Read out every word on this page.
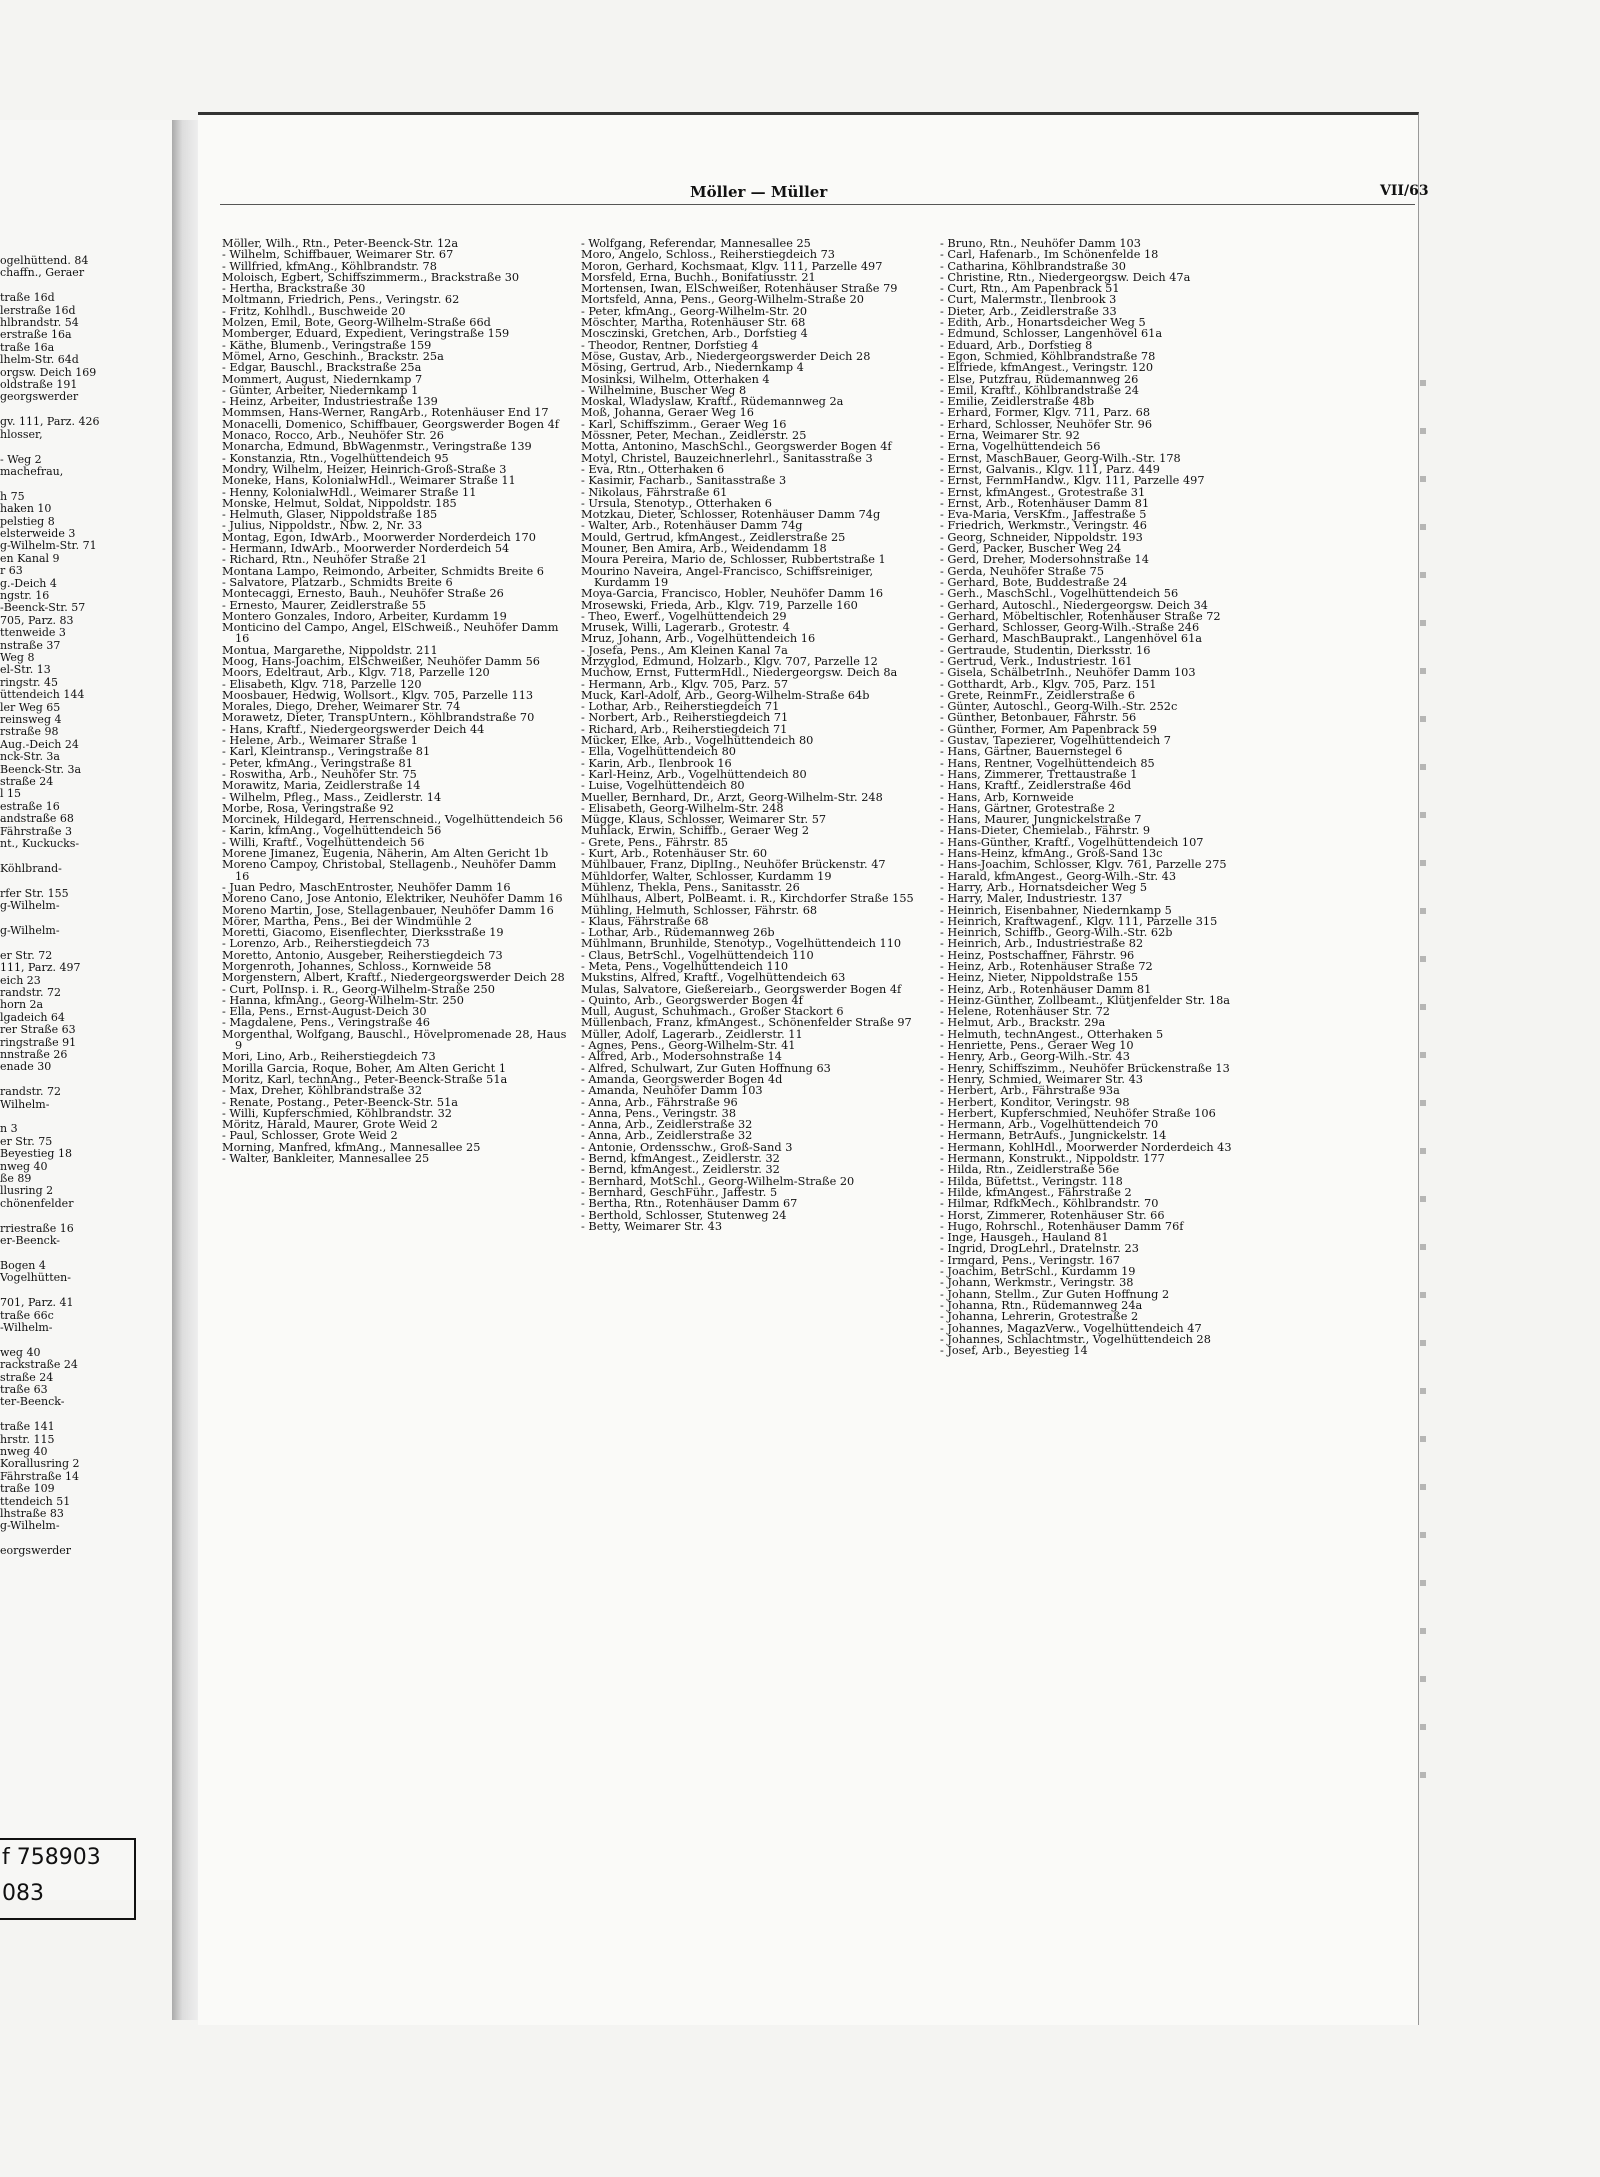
ogelhüttend. 84
chaffn., Geraer

traße 16d
lerstraße 16d
hlbrandstr. 54
erstraße 16a
traße 16a
lhelm-Str. 64d
orgsw. Deich 169
oldstraße 191
georgswerder

gv. 111, Parz. 426
hlosser,

- Weg 2
machefrau,

h 75
haken 10
pelstieg 8
elsterweide 3
g-Wilhelm-Str. 71
en Kanal 9
r 63
g.-Deich 4
ngstr. 16
-Beenck-Str. 57
705, Parz. 83
ttenweide 3
nstraße 37
Weg 8
el-Str. 13
ringstr. 45
üttendeich 144
ler Weg 65
reinsweg 4
rstraße 98
Aug.-Deich 24
nck-Str. 3a
Beenck-Str. 3a
straße 24
l 15
estraße 16
andstraße 68
Fährstraße 3
nt., Kuckucks-

Köhlbrand-

rfer Str. 155
g-Wilhelm-

g-Wilhelm-

er Str. 72
111, Parz. 497
eich 23
randstr. 72
horn 2a
lgadeich 64
rer Straße 63
ringstraße 91
nnstraße 26
enade 30

randstr. 72
Wilhelm-

n 3
er Str. 75
Beyestieg 18
nweg 40
ße 89
llusring 2
chönenfelder

rriestraße 16
er-Beenck-

Bogen 4
Vogelhütten-

701, Parz. 41
traße 66c
-Wilhelm-

weg 40
rackstraße 24
straße 24
traße 63
ter-Beenck-

traße 141
hrstr. 115
nweg 40
Korallusring 2
Fährstraße 14
traße 109
ttendeich 51
lhstraße 83
g-Wilhelm-

eorgswerder
f 758903
083
Möller — Müller	VII/63
Möller, Wilh., Rtn., Peter-Beenck-Str. 12a
- Wilhelm, Schiffbauer, Weimarer Str. 67
- Willfried, kfmAng., Köhlbrandstr. 78
Moloisch, Egbert, Schiffszimmerm., Brackstraße 30
- Hertha, Brackstraße 30
Moltmann, Friedrich, Pens., Veringstr. 62
- Fritz, Kohlhdl., Buschweide 20
Molzen, Emil, Bote, Georg-Wilhelm-Straße 66d
Momberger, Eduard, Expedient, Veringstraße 159
- Käthe, Blumenb., Veringstraße 159
Mömel, Arno, Geschinh., Brackstr. 25a
- Edgar, Bauschl., Brackstraße 25a
Mommert, August, Niedernkamp 7
- Günter, Arbeiter, Niedernkamp 1
- Heinz, Arbeiter, Industriestraße 139
Mommsen, Hans-Werner, RangArb., Rotenhäuser End 17
Monacelli, Domenico, Schiffbauer, Georgswerder Bogen 4f
Monaco, Rocco, Arb., Neuhöfer Str. 26
Monarcha, Edmund, BbWagenmstr., Veringstraße 139
- Konstanzia, Rtn., Vogelhüttendeich 95
Mondry, Wilhelm, Heizer, Heinrich-Groß-Straße 3
Moneke, Hans, KolonialwHdl., Weimarer Straße 11
- Henny, KolonialwHdl., Weimarer Straße 11
Monske, Helmut, Soldat, Nippoldstr. 185
- Helmuth, Glaser, Nippoldstraße 185
- Julius, Nippoldstr., Nbw. 2, Nr. 33
Montag, Egon, IdwArb., Moorwerder Norderdeich 170
- Hermann, IdwArb., Moorwerder Norderdeich 54
- Richard, Rtn., Neuhöfer Straße 21
Montana Lampo, Reimondo, Arbeiter, Schmidts Breite 6
- Salvatore, Platzarb., Schmidts Breite 6
Montecaggi, Ernesto, Bauh., Neuhöfer Straße 26
- Ernesto, Maurer, Zeidlerstraße 55
Montero Gonzales, Indoro, Arbeiter, Kurdamm 19
Monticino del Campo, Angel, ElSchweiß., Neuhöfer Damm 16
Montua, Margarethe, Nippoldstr. 211
Moog, Hans-Joachim, ElSchweißer, Neuhöfer Damm 56
Moors, Edeltraut, Arb., Klgv. 718, Parzelle 120
- Elisabeth, Klgv. 718, Parzelle 120
Moosbauer, Hedwig, Wollsort., Klgv. 705, Parzelle 113
Morales, Diego, Dreher, Weimarer Str. 74
Morawetz, Dieter, TranspUntern., Köhlbrandstraße 70
- Hans, Kraftf., Niedergeorgswerder Deich 44
- Helene, Arb., Weimarer Straße 1
- Karl, Kleintransp., Veringstraße 81
- Peter, kfmAng., Veringstraße 81
- Roswitha, Arb., Neuhöfer Str. 75
Morawitz, Maria, Zeidlerstraße 14
- Wilhelm, Pfleg., Mass., Zeidlerstr. 14
Morbe, Rosa, Veringstraße 92
Morcinek, Hildegard, Herrenschneid., Vogelhüttendeich 56
- Karin, kfmAng., Vogelhüttendeich 56
- Willi, Kraftf., Vogelhüttendeich 56
Morene Jimanez, Eugenia, Näherin, Am Alten Gericht 1b
Moreno Campoy, Christobal, Stellagenb., Neuhöfer Damm 16
- Juan Pedro, MaschEntroster, Neuhöfer Damm 16
Moreno Cano, Jose Antonio, Elektriker, Neuhöfer Damm 16
Moreno Martin, Jose, Stellagenbauer, Neuhöfer Damm 16
Mörer, Martha, Pens., Bei der Windmühle 2
Moretti, Giacomo, Eisenflechter, Dierksstraße 19
- Lorenzo, Arb., Reiherstiegdeich 73
Moretto, Antonio, Ausgeber, Reiherstiegdeich 73
Morgenroth, Johannes, Schloss., Kornweide 58
Morgenstern, Albert, Kraftf., Niedergeorgswerder Deich 28
- Curt, PolInsp. i. R., Georg-Wilhelm-Straße 250
- Hanna, kfmAng., Georg-Wilhelm-Str. 250
- Ella, Pens., Ernst-August-Deich 30
- Magdalene, Pens., Veringstraße 46
Morgenthal, Wolfgang, Bauschl., Hövelpromenade 28, Haus 9
Mori, Lino, Arb., Reiherstiegdeich 73
Morilla Garcia, Roque, Boher, Am Alten Gericht 1
Moritz, Karl, technAng., Peter-Beenck-Straße 51a
- Max, Dreher, Köhlbrandstraße 32
- Renate, Postang., Peter-Beenck-Str. 51a
- Willi, Kupferschmied, Köhlbrandstr. 32
Möritz, Harald, Maurer, Grote Weid 2
- Paul, Schlosser, Grote Weid 2
Morning, Manfred, kfmAng., Mannesallee 25
- Walter, Bankleiter, Mannesallee 25
- Wolfgang, Referendar, Mannesallee 25
Moro, Angelo, Schloss., Reiherstiegdeich 73
Moron, Gerhard, Kochsmaat, Klgv. 111, Parzelle 497
Morsfeld, Erna, Buchh., Bonifatiusstr. 21
Mortensen, Iwan, ElSchweißer, Rotenhäuser Straße 79
Mortsfeld, Anna, Pens., Georg-Wilhelm-Straße 20
- Peter, kfmAng., Georg-Wilhelm-Str. 20
Möschter, Martha, Rotenhäuser Str. 68
Mosczinski, Gretchen, Arb., Dorfstieg 4
- Theodor, Rentner, Dorfstieg 4
Möse, Gustav, Arb., Niedergeorgswerder Deich 28
Mösing, Gertrud, Arb., Niedernkamp 4
Mosinksi, Wilhelm, Otterhaken 4
- Wilhelmine, Buscher Weg 8
Moskal, Wladyslaw, Kraftf., Rüdemannweg 2a
Moß, Johanna, Geraer Weg 16
- Karl, Schiffszimm., Geraer Weg 16
Mössner, Peter, Mechan., Zeidlerstr. 25
Motta, Antonino, MaschSchl., Georgswerder Bogen 4f
Motyl, Christel, Bauzeichnerlehrl., Sanitasstraße 3
- Eva, Rtn., Otterhaken 6
- Kasimir, Facharb., Sanitasstraße 3
- Nikolaus, Fährstraße 61
- Ursula, Stenotyp., Otterhaken 6
Motzkau, Dieter, Schlosser, Rotenhäuser Damm 74g
- Walter, Arb., Rotenhäuser Damm 74g
Mould, Gertrud, kfmAngest., Zeidlerstraße 25
Mouner, Ben Amira, Arb., Weidendamm 18
Moura Pereira, Mario de, Schlosser, Rubbertstraße 1
Mourino Naveira, Angel-Francisco, Schiffsreiniger, Kurdamm 19
Moya-Garcia, Francisco, Hobler, Neuhöfer Damm 16
Mrosewski, Frieda, Arb., Klgv. 719, Parzelle 160
- Theo, Ewerf., Vogelhüttendeich 29
Mrusek, Willi, Lagerarb., Grotestr. 4
Mruz, Johann, Arb., Vogelhüttendeich 16
- Josefa, Pens., Am Kleinen Kanal 7a
Mrzyglod, Edmund, Holzarb., Klgv. 707, Parzelle 12
Muchow, Ernst, FuttermHdl., Niedergeorgsw. Deich 8a
- Hermann, Arb., Klgv. 705, Parz. 57
Muck, Karl-Adolf, Arb., Georg-Wilhelm-Straße 64b
- Lothar, Arb., Reiherstiegdeich 71
- Norbert, Arb., Reiherstiegdeich 71
- Richard, Arb., Reiherstiegdeich 71
Mücker, Elke, Arb., Vogelhüttendeich 80
- Ella, Vogelhüttendeich 80
- Karin, Arb., Ilenbrook 16
- Karl-Heinz, Arb., Vogelhüttendeich 80
- Luise, Vogelhüttendeich 80
Mueller, Bernhard, Dr., Arzt, Georg-Wilhelm-Str. 248
- Elisabeth, Georg-Wilhelm-Str. 248
Mügge, Klaus, Schlosser, Weimarer Str. 57
Muhlack, Erwin, Schiffb., Geraer Weg 2
- Grete, Pens., Fährstr. 85
- Kurt, Arb., Rotenhäuser Str. 60
Mühlbauer, Franz, DiplIng., Neuhöfer Brückenstr. 47
Mühldorfer, Walter, Schlosser, Kurdamm 19
Mühlenz, Thekla, Pens., Sanitasstr. 26
Mühlhaus, Albert, PolBeamt. i. R., Kirchdorfer Straße 155
Mühling, Helmuth, Schlosser, Fährstr. 68
- Klaus, Fährstraße 68
- Lothar, Arb., Rüdemannweg 26b
Mühlmann, Brunhilde, Stenotyp., Vogelhüttendeich 110
- Claus, BetrSchl., Vogelhüttendeich 110
- Meta, Pens., Vogelhüttendeich 110
Mukstins, Alfred, Kraftf., Vogelhüttendeich 63
Mulas, Salvatore, Gießereiarb., Georgswerder Bogen 4f
- Quinto, Arb., Georgswerder Bogen 4f
Mull, August, Schuhmach., Großer Stackort 6
Müllenbach, Franz, kfmAngest., Schönenfelder Straße 97
Müller, Adolf, Lagerarb., Zeidlerstr. 11
- Agnes, Pens., Georg-Wilhelm-Str. 41
- Alfred, Arb., Modersohnstraße 14
- Alfred, Schulwart, Zur Guten Hoffnung 63
- Amanda, Georgswerder Bogen 4d
- Amanda, Neuhöfer Damm 103
- Anna, Arb., Fährstraße 96
- Anna, Pens., Veringstr. 38
- Anna, Arb., Zeidlerstraße 32
- Anna, Arb., Zeidlerstraße 32
- Antonie, Ordensschw., Groß-Sand 3
- Bernd, kfmAngest., Zeidlerstr. 32
- Bernd, kfmAngest., Zeidlerstr. 32
- Bernhard, MotSchl., Georg-Wilhelm-Straße 20
- Bernhard, GeschFühr., Jaffestr. 5
- Bertha, Rtn., Rotenhäuser Damm 67
- Berthold, Schlosser, Stutenweg 24
- Betty, Weimarer Str. 43
- Bruno, Rtn., Neuhöfer Damm 103
- Carl, Hafenarb., Im Schönenfelde 18
- Catharina, Köhlbrandstraße 30
- Christine, Rtn., Niedergeorgsw. Deich 47a
- Curt, Rtn., Am Papenbrack 51
- Curt, Malermstr., Ilenbrook 3
- Dieter, Arb., Zeidlerstraße 33
- Edith, Arb., Honartsdeicher Weg 5
- Edmund, Schlosser, Langenhövel 61a
- Eduard, Arb., Dorfstieg 8
- Egon, Schmied, Köhlbrandstraße 78
- Elfriede, kfmAngest., Veringstr. 120
- Else, Putzfrau, Rüdemannweg 26
- Emil, Kraftf., Köhlbrandstraße 24
- Emilie, Zeidlerstraße 48b
- Erhard, Former, Klgv. 711, Parz. 68
- Erhard, Schlosser, Neuhöfer Str. 96
- Erna, Weimarer Str. 92
- Erna, Vogelhüttendeich 56
- Ernst, MaschBauer, Georg-Wilh.-Str. 178
- Ernst, Galvanis., Klgv. 111, Parz. 449
- Ernst, FernmHandw., Klgv. 111, Parzelle 497
- Ernst, kfmAngest., Grotestraße 31
- Ernst, Arb., Rotenhäuser Damm 81
- Eva-Maria, VersKfm., Jaffestraße 5
- Friedrich, Werkmstr., Veringstr. 46
- Georg, Schneider, Nippoldstr. 193
- Gerd, Packer, Buscher Weg 24
- Gerd, Dreher, Modersohnstraße 14
- Gerda, Neuhöfer Straße 75
- Gerhard, Bote, Buddestraße 24
- Gerh., MaschSchl., Vogelhüttendeich 56
- Gerhard, Autoschl., Niedergeorgsw. Deich 34
- Gerhard, Möbeltischler, Rotenhäuser Straße 72
- Gerhard, Schlosser, Georg-Wilh.-Straße 246
- Gerhard, MaschBauprakt., Langenhövel 61a
- Gertraude, Studentin, Dierksstr. 16
- Gertrud, Verk., Industriestr. 161
- Gisela, SchälbetrInh., Neuhöfer Damm 103
- Gotthardt, Arb., Klgv. 705, Parz. 151
- Grete, ReinmFr., Zeidlerstraße 6
- Günter, Autoschl., Georg-Wilh.-Str. 252c
- Günther, Betonbauer, Fährstr. 56
- Günther, Former, Am Papenbrack 59
- Gustav, Tapezierer, Vogelhüttendeich 7
- Hans, Gärtner, Bauernstegel 6
- Hans, Rentner, Vogelhüttendeich 85
- Hans, Zimmerer, Trettaustraße 1
- Hans, Kraftf., Zeidlerstraße 46d
- Hans, Arb, Kornweide
- Hans, Gärtner, Grotestraße 2
- Hans, Maurer, Jungnickelstraße 7
- Hans-Dieter, Chemielab., Fährstr. 9
- Hans-Günther, Kraftf., Vogelhüttendeich 107
- Hans-Heinz, kfmAng., Groß-Sand 13c
- Hans-Joachim, Schlosser, Klgv. 761, Parzelle 275
- Harald, kfmAngest., Georg-Wilh.-Str. 43
- Harry, Arb., Hornatsdeicher Weg 5
- Harry, Maler, Industriestr. 137
- Heinrich, Eisenbahner, Niedernkamp 5
- Heinrich, Kraftwagenf., Klgv. 111, Parzelle 315
- Heinrich, Schiffb., Georg-Wilh.-Str. 62b
- Heinrich, Arb., Industriestraße 82
- Heinz, Postschaffner, Fährstr. 96
- Heinz, Arb., Rotenhäuser Straße 72
- Heinz, Nieter, Nippoldstraße 155
- Heinz, Arb., Rotenhäuser Damm 81
- Heinz-Günther, Zollbeamt., Klütjenfelder Str. 18a
- Helene, Rotenhäuser Str. 72
- Helmut, Arb., Brackstr. 29a
- Helmuth, technAngest., Otterhaken 5
- Henriette, Pens., Geraer Weg 10
- Henry, Arb., Georg-Wilh.-Str. 43
- Henry, Schiffszimm., Neuhöfer Brückenstraße 13
- Henry, Schmied, Weimarer Str. 43
- Herbert, Arb., Fährstraße 93a
- Herbert, Konditor, Veringstr. 98
- Herbert, Kupferschmied, Neuhöfer Straße 106
- Hermann, Arb., Vogelhüttendeich 70
- Hermann, BetrAufs., Jungnickelstr. 14
- Hermann, KohlHdl., Moorwerder Norderdeich 43
- Hermann, Konstrukt., Nippoldstr. 177
- Hilda, Rtn., Zeidlerstraße 56e
- Hilda, Büfettst., Veringstr. 118
- Hilde, kfmAngest., Fährstraße 2
- Hilmar, RdfkMech., Köhlbrandstr. 70
- Horst, Zimmerer, Rotenhäuser Str. 66
- Hugo, Rohrschl., Rotenhäuser Damm 76f
- Inge, Hausgeh., Hauland 81
- Ingrid, DrogLehrl., Dratelnstr. 23
- Irmgard, Pens., Veringstr. 167
- Joachim, BetrSchl., Kurdamm 19
- Johann, Werkmstr., Veringstr. 38
- Johann, Stellm., Zur Guten Hoffnung 2
- Johanna, Rtn., Rüdemannweg 24a
- Johanna, Lehrerin, Grotestraße 2
- Johannes, MagazVerw., Vogelhüttendeich 47
- Johannes, Schlachtmstr., Vogelhüttendeich 28
- Josef, Arb., Beyestieg 14
